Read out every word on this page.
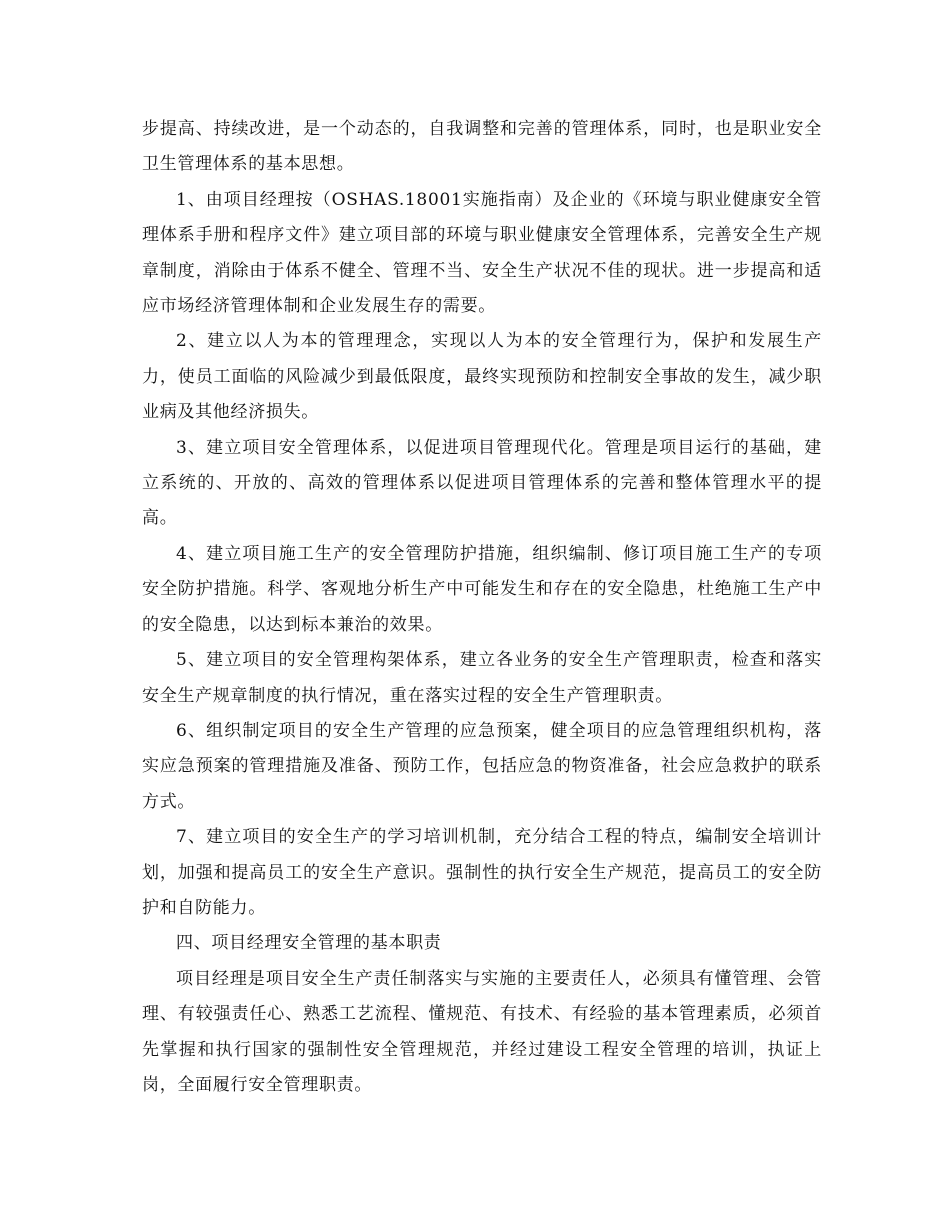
步提高、持续改进，是一个动态的，自我调整和完善的管理体系，同时，也是职业安全卫生管理体系的基本思想。

1、由项目经理按（OSHAS.18001实施指南）及企业的《环境与职业健康安全管理体系手册和程序文件》建立项目部的环境与职业健康安全管理体系，完善安全生产规章制度，消除由于体系不健全、管理不当、安全生产状况不佳的现状。进一步提高和适应市场经济管理体制和企业发展生存的需要。

2、建立以人为本的管理理念，实现以人为本的安全管理行为，保护和发展生产力，使员工面临的风险减少到最低限度，最终实现预防和控制安全事故的发生，减少职业病及其他经济损失。

3、建立项目安全管理体系，以促进项目管理现代化。管理是项目运行的基础，建立系统的、开放的、高效的管理体系以促进项目管理体系的完善和整体管理水平的提高。

4、建立项目施工生产的安全管理防护措施，组织编制、修订项目施工生产的专项安全防护措施。科学、客观地分析生产中可能发生和存在的安全隐患，杜绝施工生产中的安全隐患，以达到标本兼治的效果。

5、建立项目的安全管理构架体系，建立各业务的安全生产管理职责，检查和落实安全生产规章制度的执行情况，重在落实过程的安全生产管理职责。

6、组织制定项目的安全生产管理的应急预案，健全项目的应急管理组织机构，落实应急预案的管理措施及准备、预防工作，包括应急的物资准备，社会应急救护的联系方式。

7、建立项目的安全生产的学习培训机制，充分结合工程的特点，编制安全培训计划，加强和提高员工的安全生产意识。强制性的执行安全生产规范，提高员工的安全防护和自防能力。

四、项目经理安全管理的基本职责

项目经理是项目安全生产责任制落实与实施的主要责任人，必须具有懂管理、会管理、有较强责任心、熟悉工艺流程、懂规范、有技术、有经验的基本管理素质，必须首先掌握和执行国家的强制性安全管理规范，并经过建设工程安全管理的培训，执证上岗，全面履行安全管理职责。
